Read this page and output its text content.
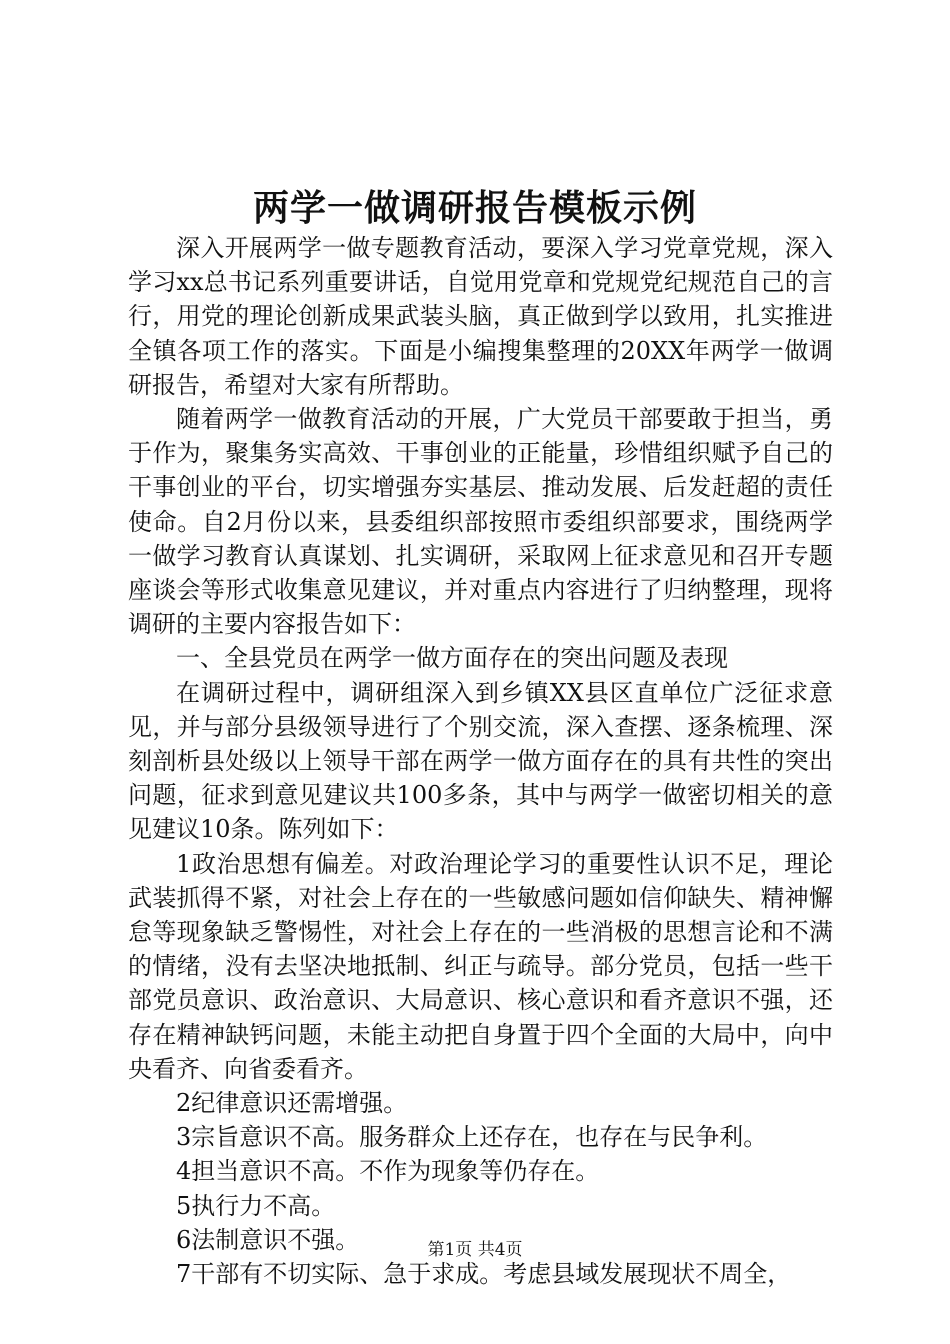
两学一做调研报告模板示例

深入开展两学一做专题教育活动，要深入学习党章党规，深入学习xx总书记系列重要讲话，自觉用党章和党规党纪规范自己的言行，用党的理论创新成果武装头脑，真正做到学以致用，扎实推进全镇各项工作的落实。下面是小编搜集整理的20XX年两学一做调研报告，希望对大家有所帮助。

随着两学一做教育活动的开展，广大党员干部要敢于担当，勇于作为，聚集务实高效、干事创业的正能量，珍惜组织赋予自己的干事创业的平台，切实增强夯实基层、推动发展、后发赶超的责任使命。自2月份以来，县委组织部按照市委组织部要求，围绕两学一做学习教育认真谋划、扎实调研，采取网上征求意见和召开专题座谈会等形式收集意见建议，并对重点内容进行了归纳整理，现将调研的主要内容报告如下：

一、全县党员在两学一做方面存在的突出问题及表现

在调研过程中，调研组深入到乡镇XX县区直单位广泛征求意见，并与部分县级领导进行了个别交流，深入查摆、逐条梳理、深刻剖析县处级以上领导干部在两学一做方面存在的具有共性的突出问题，征求到意见建议共100多条，其中与两学一做密切相关的意见建议10条。陈列如下：

1政治思想有偏差。对政治理论学习的重要性认识不足，理论武装抓得不紧，对社会上存在的一些敏感问题如信仰缺失、精神懈怠等现象缺乏警惕性，对社会上存在的一些消极的思想言论和不满的情绪，没有去坚决地抵制、纠正与疏导。部分党员，包括一些干部党员意识、政治意识、大局意识、核心意识和看齐意识不强，还存在精神缺钙问题，未能主动把自身置于四个全面的大局中，向中央看齐、向省委看齐。

2纪律意识还需增强。

3宗旨意识不高。服务群众上还存在，也存在与民争利。

4担当意识不高。不作为现象等仍存在。

5执行力不高。

6法制意识不强。

7干部有不切实际、急于求成。考虑县域发展现状不周全，

第1页 共4页
